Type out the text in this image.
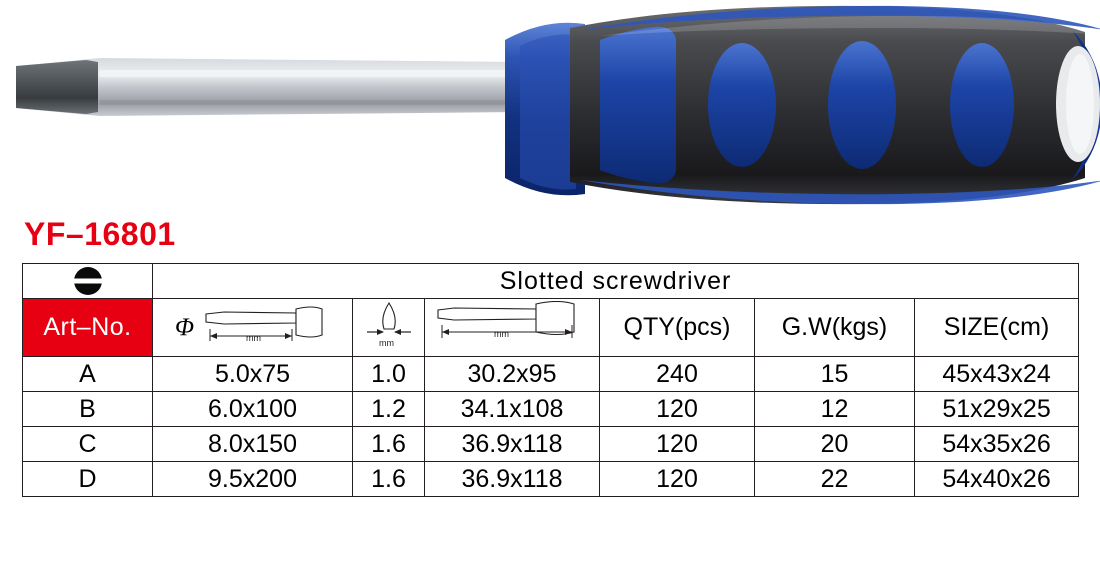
YF–16801
	Slotted screwdriver					
Art–No.	Φ mm	mm	mm	QTY(pcs)	G.W(kgs)	SIZE(cm)
A	5.0x75	1.0	30.2x95	240	15	45x43x24
B	6.0x100	1.2	34.1x108	120	12	51x29x25
C	8.0x150	1.6	36.9x118	120	20	54x35x26
D	9.5x200	1.6	36.9x118	120	22	54x40x26
